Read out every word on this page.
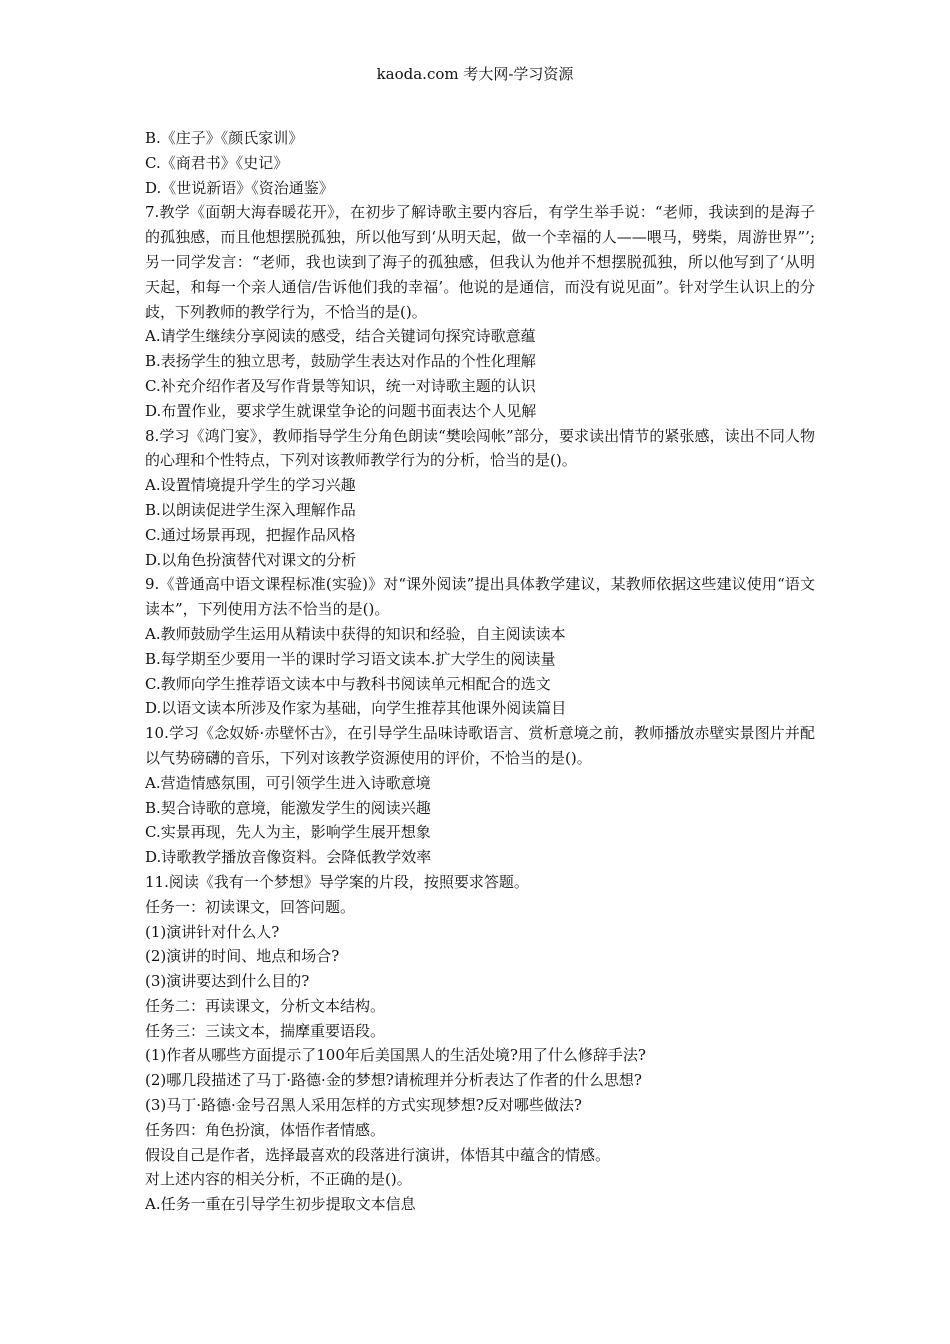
kaoda.com 考大网-学习资源
B.《庄子》《颜氏家训》
C.《商君书》《史记》
D.《世说新语》《资治通鉴》
7.教学《面朝大海春暖花开》，在初步了解诗歌主要内容后，有学生举手说：“老师，我读到的是海子的孤独感，而且他想摆脱孤独，所以他写到‘从明天起，做一个幸福的人——喂马，劈柴，周游世界”’;另一同学发言：“老师，我也读到了海子的孤独感，但我认为他并不想摆脱孤独，所以他写到了‘从明天起，和每一个亲人通信/告诉他们我的幸福’。他说的是通信，而没有说见面”。针对学生认识上的分歧，下列教师的教学行为，不恰当的是()。
A.请学生继续分享阅读的感受，结合关键词句探究诗歌意蕴
B.表扬学生的独立思考，鼓励学生表达对作品的个性化理解
C.补充介绍作者及写作背景等知识，统一对诗歌主题的认识
D.布置作业，要求学生就课堂争论的问题书面表达个人见解
8.学习《鸿门宴》，教师指导学生分角色朗读“樊哙闯帐”部分，要求读出情节的紧张感，读出不同人物的心理和个性特点，下列对该教师教学行为的分析，恰当的是()。
A.设置情境提升学生的学习兴趣
B.以朗读促进学生深入理解作品
C.通过场景再现，把握作品风格
D.以角色扮演替代对课文的分析
9.《普通高中语文课程标准(实验)》对“课外阅读”提出具体教学建议，某教师依据这些建议使用“语文读本”，下列使用方法不恰当的是()。
A.教师鼓励学生运用从精读中获得的知识和经验，自主阅读读本
B.每学期至少要用一半的课时学习语文读本.扩大学生的阅读量
C.教师向学生推荐语文读本中与教科书阅读单元相配合的选文
D.以语文读本所涉及作家为基础，向学生推荐其他课外阅读篇目
10.学习《念奴娇·赤壁怀古》，在引导学生品味诗歌语言、赏析意境之前，教师播放赤壁实景图片并配以气势磅礴的音乐，下列对该教学资源使用的评价，不恰当的是()。
A.营造情感氛围，可引领学生进入诗歌意境
B.契合诗歌的意境，能激发学生的阅读兴趣
C.实景再现，先人为主，影响学生展开想象
D.诗歌教学播放音像资料。会降低教学效率
11.阅读《我有一个梦想》导学案的片段，按照要求答题。
任务一：初读课文，回答问题。
(1)演讲针对什么人?
(2)演讲的时间、地点和场合?
(3)演讲要达到什么目的?
任务二：再读课文，分析文本结构。
任务三：三读文本，揣摩重要语段。
(1)作者从哪些方面提示了100年后美国黑人的生活处境?用了什么修辞手法?
(2)哪几段描述了马丁·路德·金的梦想?请梳理并分析表达了作者的什么思想?
(3)马丁·路德·金号召黑人采用怎样的方式实现梦想?反对哪些做法?
任务四：角色扮演，体悟作者情感。
假设自己是作者，选择最喜欢的段落进行演讲，体悟其中蕴含的情感。
对上述内容的相关分析，不正确的是()。
A.任务一重在引导学生初步提取文本信息
